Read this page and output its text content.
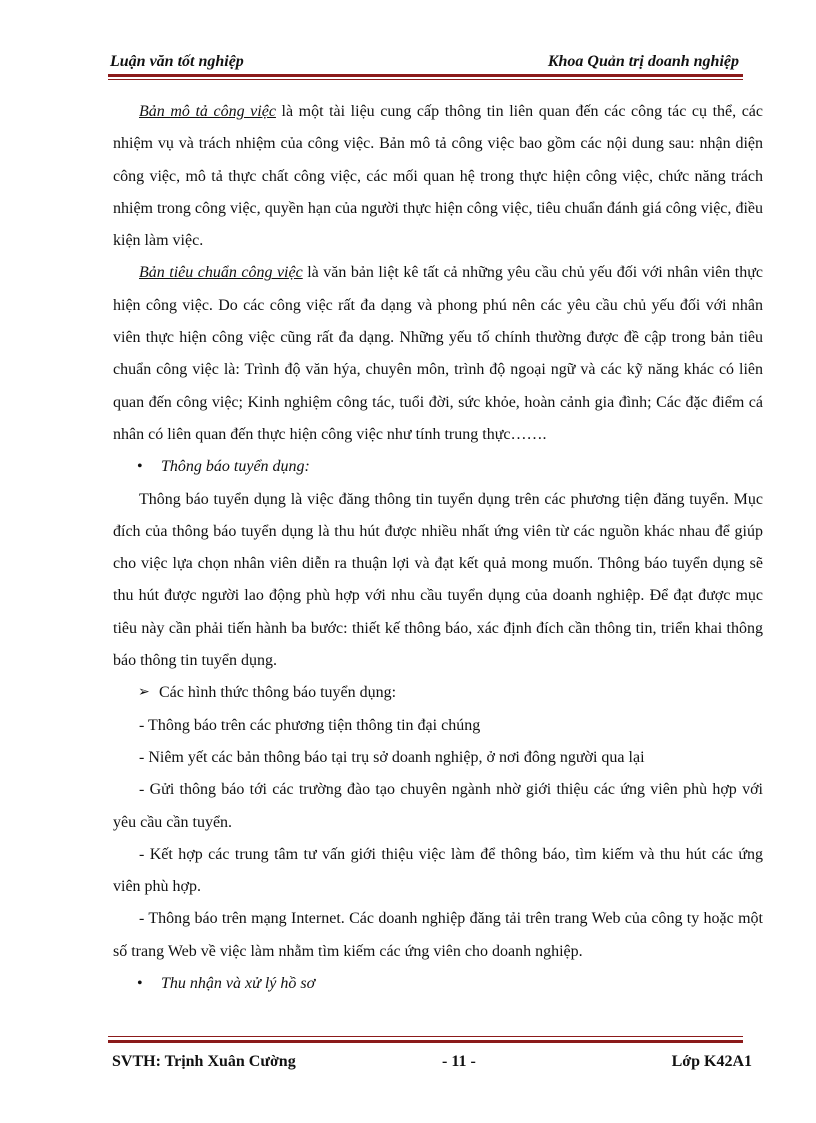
Luận văn tốt nghiệp	Khoa Quản trị doanh nghiệp

Bản mô tả công việc là một tài liệu cung cấp thông tin liên quan đến các công tác cụ thể, các nhiệm vụ và trách nhiệm của công việc. Bản mô tả công việc bao gồm các nội dung sau: nhận diện công việc, mô tả thực chất công việc, các mối quan hệ trong thực hiện công việc, chức năng trách nhiệm trong công việc, quyền hạn của người thực hiện công việc, tiêu chuẩn đánh giá công việc, điều kiện làm việc.

Bản tiêu chuẩn công việc là văn bản liệt kê tất cả những yêu cầu chủ yếu đối với nhân viên thực hiện công việc. Do các công việc rất đa dạng và phong phú nên các yêu cầu chủ yếu đối với nhân viên thực hiện công việc cũng rất đa dạng. Những yếu tố chính thường được đề cập trong bản tiêu chuẩn công việc là: Trình độ văn hýa, chuyên môn, trình độ ngoại ngữ và các kỹ năng khác có liên quan đến công việc; Kinh nghiệm công tác, tuổi đời, sức khỏe, hoàn cảnh gia đình; Các đặc điểm cá nhân có liên quan đến thực hiện công việc như tính trung thực…….

• Thông báo tuyển dụng:

Thông báo tuyển dụng là việc đăng thông tin tuyển dụng trên các phương tiện đăng tuyển. Mục đích của thông báo tuyển dụng là thu hút được nhiều nhất ứng viên từ các nguồn khác nhau để giúp cho việc lựa chọn nhân viên diễn ra thuận lợi và đạt kết quả mong muốn. Thông báo tuyển dụng sẽ thu hút được người lao động phù hợp với nhu cầu tuyển dụng của doanh nghiệp. Để đạt được mục tiêu này cần phải tiến hành ba bước: thiết kế thông báo, xác định đích cần thông tin, triển khai thông báo thông tin tuyển dụng.

➢ Các hình thức thông báo tuyển dụng:

- Thông báo trên các phương tiện thông tin đại chúng

- Niêm yết các bản thông báo tại trụ sở doanh nghiệp, ở nơi đông người qua lại

- Gửi thông báo tới các trường đào tạo chuyên ngành nhờ giới thiệu các ứng viên phù hợp với yêu cầu cần tuyển.

- Kết hợp các trung tâm tư vấn giới thiệu việc làm để thông báo, tìm kiếm và thu hút các ứng viên phù hợp.

- Thông báo trên mạng Internet. Các doanh nghiệp đăng tải trên trang Web của công ty hoặc một số trang Web về việc làm nhằm tìm kiếm các ứng viên cho doanh nghiệp.

• Thu nhận và xử lý hồ sơ

SVTH: Trịnh Xuân Cường	- 11 -	Lớp K42A1
